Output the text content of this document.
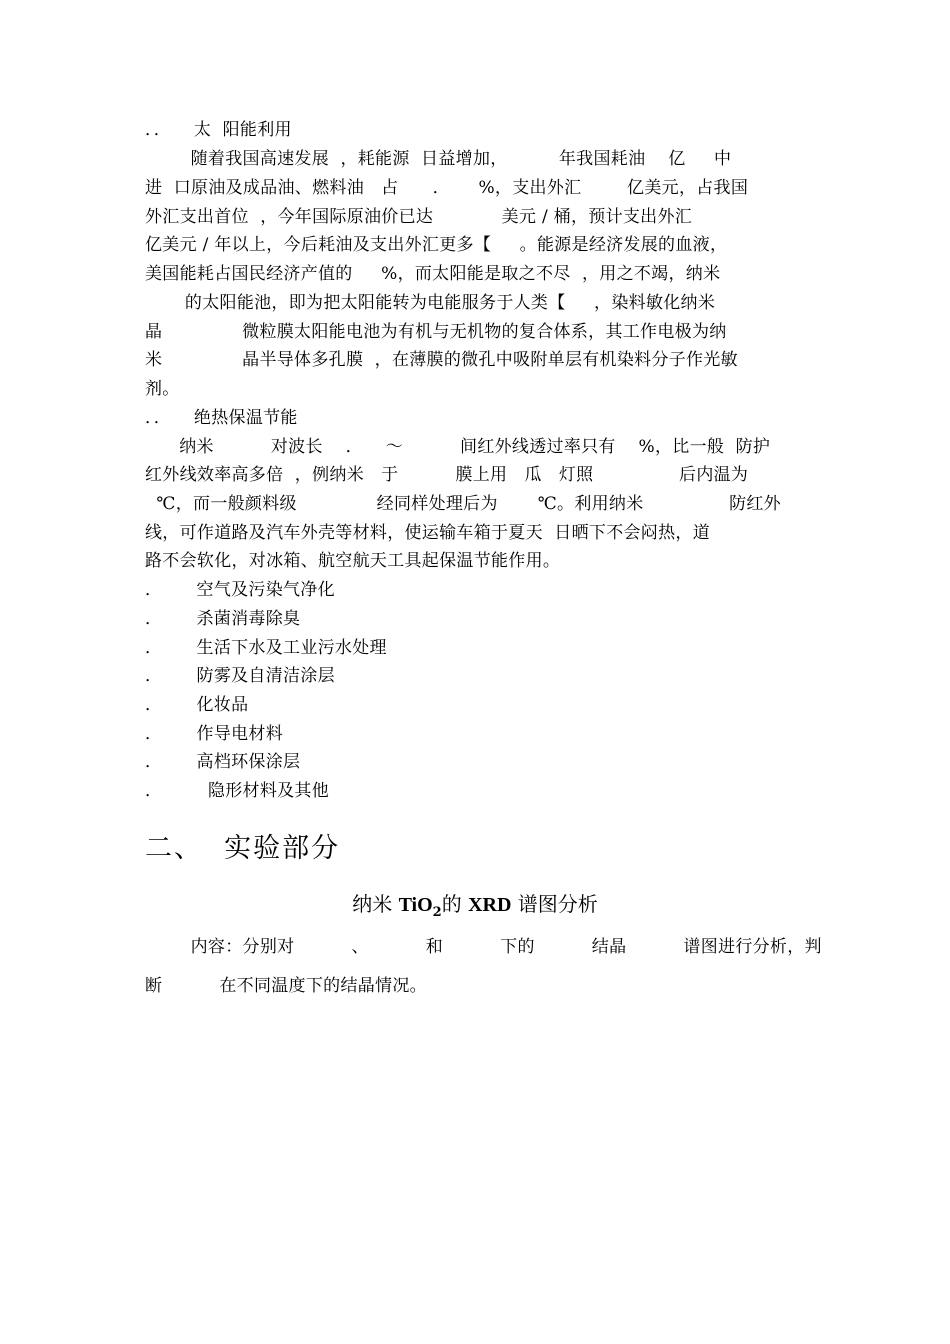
．．    太  阳能利用
随着我国高速发展  ，耗能源  日益增加，         年我国耗油    亿     中
进  口原油及成品油、燃料油   占      ．     %，支出外汇        亿美元，占我国
外汇支出首位  ，今年国际原油价已达            美元 / 桶，预计支出外汇
亿美元 / 年以上，今后耗油及支出外汇更多【     。能源是经济发展的血液，
美国能耗占国民经济产值的     %，而太阳能是取之不尽  ，用之不竭，纳米
的太阳能池，即为把太阳能转为电能服务于人类【     ，染料敏化纳米
晶              微粒膜太阳能电池为有机与无机物的复合体系，其工作电极为纳
米              晶半导体多孔膜  ，在薄膜的微孔中吸附单层有机染料分子作光敏
剂。
．．    绝热保温节能
纳米          对波长    ．    ～          间红外线透过率只有    %，比一般  防护
红外线效率高多倍  ，例纳米   于          膜上用   瓜   灯照               后内温为
℃，而一般颜料级              经同样处理后为       ℃。利用纳米               防红外
线，可作道路及汽车外壳等材料，使运输车箱于夏天  日晒下不会闷热，道
路不会软化，对冰箱、航空航天工具起保温节能作用。
．      空气及污染气净化
．      杀菌消毒除臭
．      生活下水及工业污水处理
．      防雾及自清洁涂层
．      化妆品
．      作导电材料
．      高档环保涂层
．        隐形材料及其他
二、  实验部分
纳米 TiO$_2$的 XRD 谱图分析
内容：分别对          、          和          下的          结晶          谱图进行分析，判
断          在不同温度下的结晶情况。
